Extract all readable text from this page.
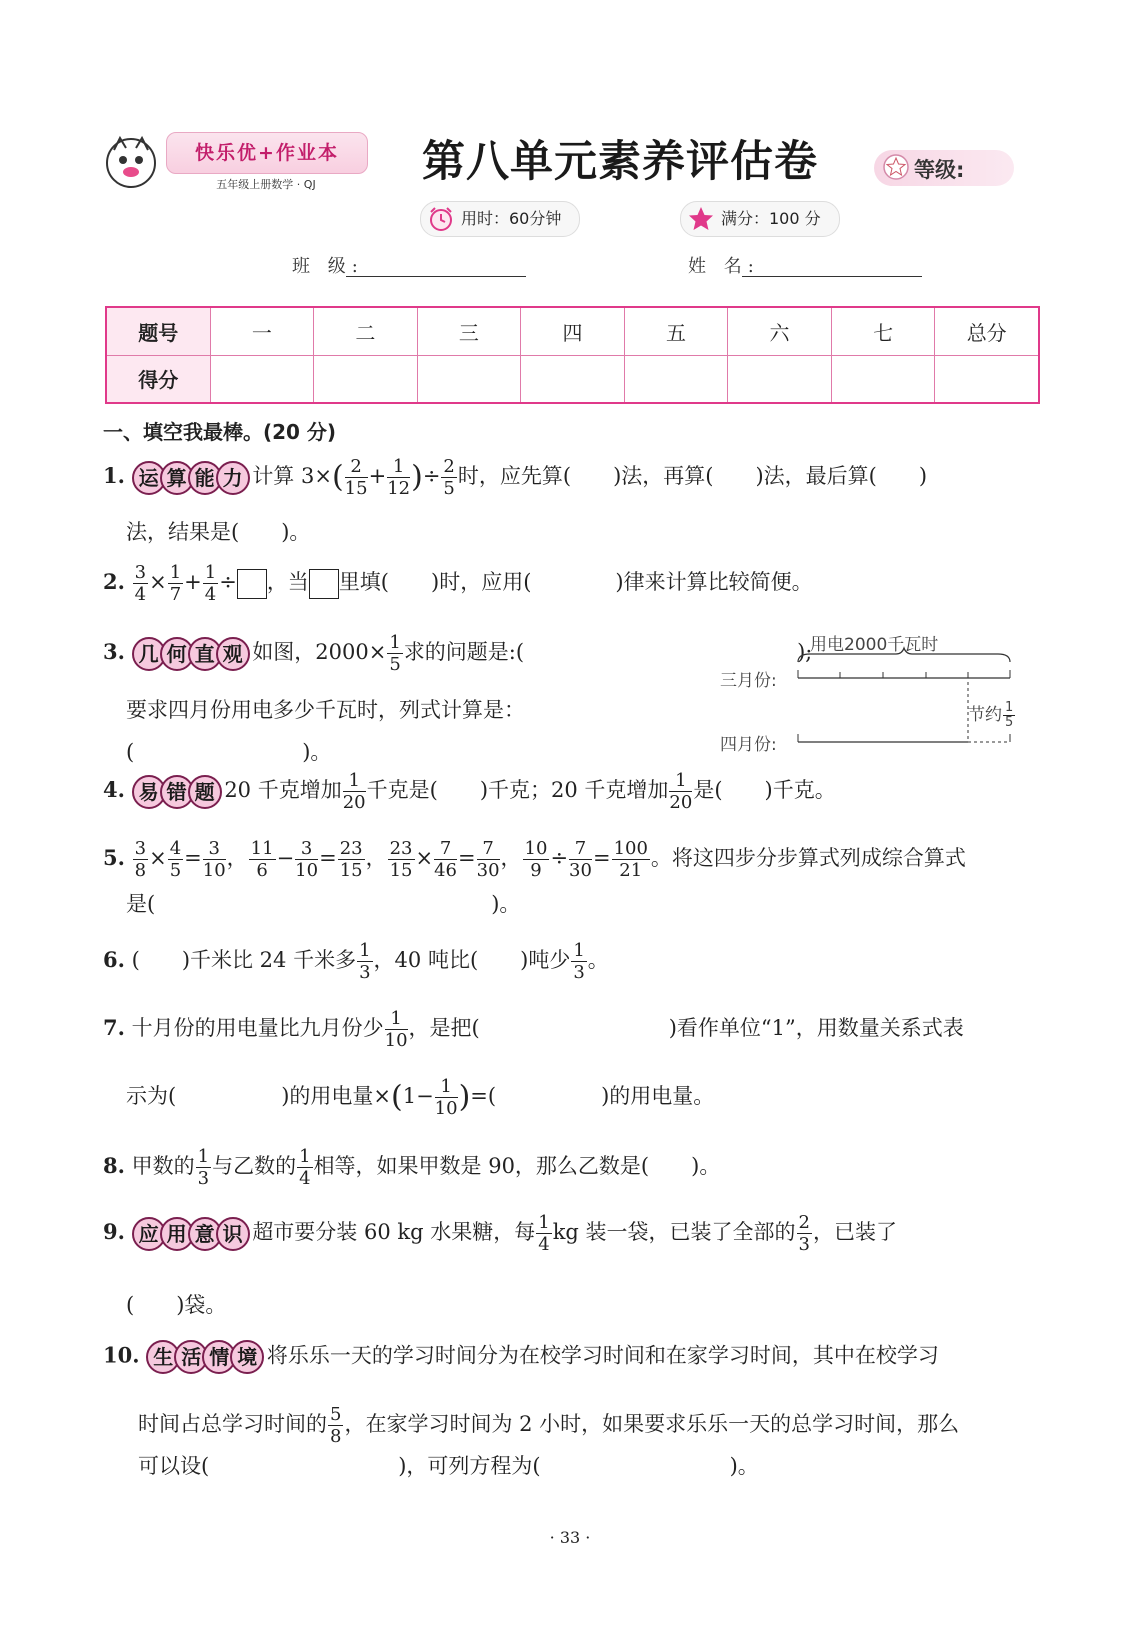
快乐优+作业本
五年级上册数学 · QJ	第八单元素养评估卷	等级:
用时：60分钟	满分：100 分
班 级:	姓 名:
题号	一	二	三	四	五	六	七	总分
得分								
一、填空我最棒。(20 分)
1. 运 算 能 力 计算 $3\times( \frac{2}{15} + \frac{1}{12}$ )÷ $\frac{2}{5}$ 时，应先算(　　)法，再算(　　)法，最后算(　　)
法，结果是(　　)。
2. $\frac{3}{4} \times \frac{1}{7} + \frac{1}{4}$ ÷ ，当 里填(　　)时，应用(　　　　)律来计算比较简便。
3. 几 何 直 观 如图，$2000\times \frac{1}{5}$ 求的问题是:(　　　　　　　　　　　　　);
要求四月份用电多少千瓦时，列式计算是：
(　　　　　　　　)。
用电2000千瓦时
三月份:
四月份:
节约 $\frac{1}{5}$
4. 易 错 题 20 千克增加 $\frac{1}{20}$ 千克是(　　)千克；20 千克增加 $\frac{1}{20}$ 是(　　)千克。
5. $\frac{3}{8} \times \frac{4}{5} = \frac{3}{10}$ ， $\frac{11}{6} - \frac{3}{10} = \frac{23}{15}$ ， $\frac{23}{15} \times \frac{7}{46} = \frac{7}{30}$ ， $\frac{10}{9} \div \frac{7}{30} = \frac{100}{21}$ 。将这四步分步算式列成综合算式
是(　　　　　　　　　　　　　　　　)。
6. (　　)千米比 24 千米多 $\frac{1}{3}$ ，40 吨比(　　)吨少 $\frac{1}{3}$ 。
7. 十月份的用电量比九月份少 $\frac{1}{10}$ ，是把(　　　　　　　　　)看作单位“1”，用数量关系式表
示为(　　　　　)的用电量$\times(1- \frac{1}{10}$ )=(　　　　　)的用电量。
8. 甲数的 $\frac{1}{3}$ 与乙数的 $\frac{1}{4}$ 相等，如果甲数是 90，那么乙数是(　　)。
9. 应 用 意 识 超市要分装 60 kg 水果糖，每 $\frac{1}{4}$ kg 装一袋，已装了全部的 $\frac{2}{3}$ ，已装了
(　　)袋。
10. 生 活 情 境 将乐乐一天的学习时间分为在校学习时间和在家学习时间，其中在校学习
时间占总学习时间的 $\frac{5}{8}$ ，在家学习时间为 2 小时，如果要求乐乐一天的总学习时间，那么
可以设(　　　　　　　　　)，可列方程为(　　　　　　　　　)。
· 33 ·
